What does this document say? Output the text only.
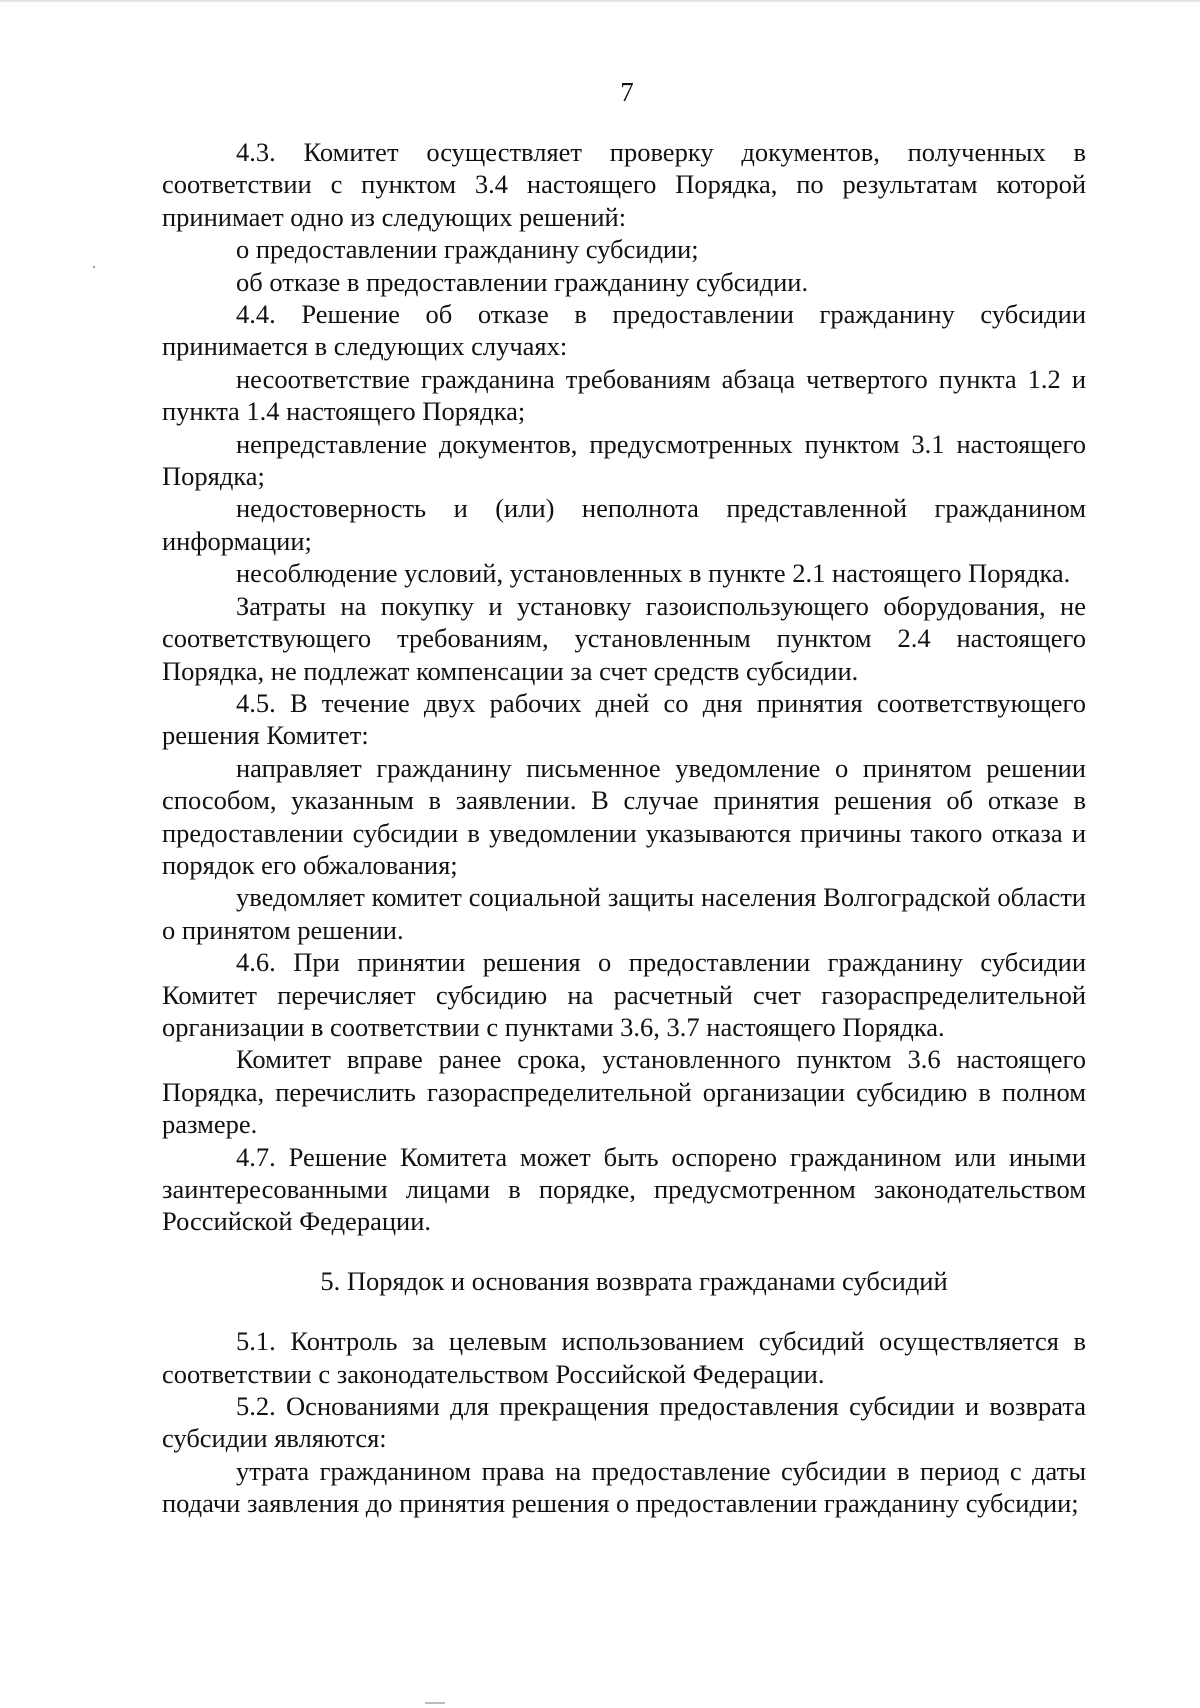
7

4.3. Комитет осуществляет проверку документов, полученных в соответствии с пунктом 3.4 настоящего Порядка, по результатам которой принимает одно из следующих решений:

о предоставлении гражданину субсидии;

об отказе в предоставлении гражданину субсидии.

4.4. Решение об отказе в предоставлении гражданину субсидии принимается в следующих случаях:

несоответствие гражданина требованиям абзаца четвертого пункта 1.2 и пункта 1.4 настоящего Порядка;

непредставление документов, предусмотренных пунктом 3.1 настоящего Порядка;

недостоверность и (или) неполнота представленной гражданином информации;

несоблюдение условий, установленных в пункте 2.1 настоящего Порядка.

Затраты на покупку и установку газоиспользующего оборудования, не соответствующего требованиям, установленным пунктом 2.4 настоящего Порядка, не подлежат компенсации за счет средств субсидии.

4.5. В течение двух рабочих дней со дня принятия соответствующего решения Комитет:

направляет гражданину письменное уведомление о принятом решении способом, указанным в заявлении. В случае принятия решения об отказе в предоставлении субсидии в уведомлении указываются причины такого отказа и порядок его обжалования;

уведомляет комитет социальной защиты населения Волгоградской области о принятом решении.

4.6. При принятии решения о предоставлении гражданину субсидии Комитет перечисляет субсидию на расчетный счет газораспределительной организации в соответствии с пунктами 3.6, 3.7 настоящего Порядка.

Комитет вправе ранее срока, установленного пунктом 3.6 настоящего Порядка, перечислить газораспределительной организации субсидию в полном размере.

4.7. Решение Комитета может быть оспорено гражданином или иными заинтересованными лицами в порядке, предусмотренном законодательством Российской Федерации.

5. Порядок и основания возврата гражданами субсидий

5.1. Контроль за целевым использованием субсидий осуществляется в соответствии с законодательством Российской Федерации.

5.2. Основаниями для прекращения предоставления субсидии и возврата субсидии являются:

утрата гражданином права на предоставление субсидии в период с даты подачи заявления до принятия решения о предоставлении гражданину субсидии;
